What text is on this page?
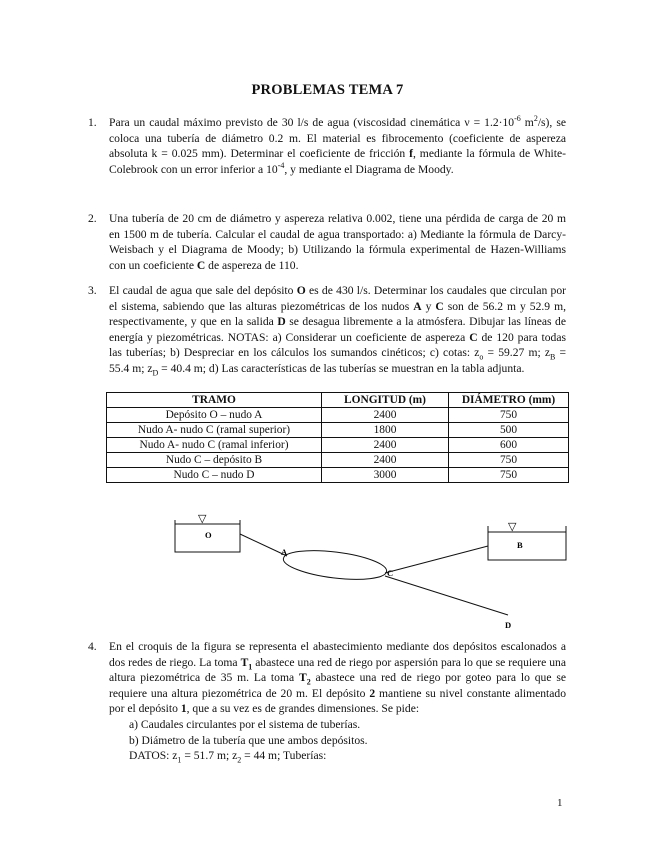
PROBLEMAS TEMA 7
1.	Para un caudal máximo previsto de 30 l/s de agua (viscosidad cinemática $\nu = 1.2\cdot 10^{-6}$ $m^2/s$), se coloca una tubería de diámetro 0.2 m. El material es fibrocemento (coeficiente de aspereza absoluta k = 0.025 mm). Determinar el coeficiente de fricción f, mediante la fórmula de White-Colebrook con un error inferior a $10^{-4}$, y mediante el Diagrama de Moody.
2.	Una tubería de 20 cm de diámetro y aspereza relativa 0.002, tiene una pérdida de carga de 20 m en 1500 m de tubería. Calcular el caudal de agua transportado: a) Mediante la fórmula de Darcy-Weisbach y el Diagrama de Moody; b) Utilizando la fórmula experimental de Hazen-Williams con un coeficiente C de aspereza de 110.
3.	El caudal de agua que sale del depósito O es de 430 l/s. Determinar los caudales que circulan por el sistema, sabiendo que las alturas piezométricas de los nudos A y C son de 56.2 m y 52.9 m, respectivamente, y que en la salida D se desagua libremente a la atmósfera. Dibujar las líneas de energía y piezométricas. NOTAS: a) Considerar un coeficiente de aspereza C de 120 para todas las tuberías; b) Despreciar en los cálculos los sumandos cinéticos; c) cotas: $z_o = 59.27$ m; $z_B = 55.4$ m; $z_D = 40.4$ m; d) Las características de las tuberías se muestran en la tabla adjunta.
TRAMO	LONGITUD (m)	DIÁMETRO (mm)
Depósito O – nudo A	2400	750
Nudo A- nudo C (ramal superior)	1800	500
Nudo A- nudo C (ramal inferior)	2400	600
Nudo C – depósito B	2400	750
Nudo C – nudo D	3000	750
▽
▽
O
A
C
B
D
4.	En el croquis de la figura se representa el abastecimiento mediante dos depósitos escalonados a dos redes de riego. La toma $T_1$ abastece una red de riego por aspersión para lo que se requiere una altura piezométrica de 35 m. La toma $T_2$ abastece una red de riego por goteo para lo que se requiere una altura piezométrica de 20 m. El depósito 2 mantiene su nivel constante alimentado por el depósito 1, que a su vez es de grandes dimensiones. Se pide:
a) Caudales circulantes por el sistema de tuberías.
b) Diámetro de la tubería que une ambos depósitos.
DATOS: $z_1 = 51.7$ m; $z_2 = 44$ m; Tuberías:
1
